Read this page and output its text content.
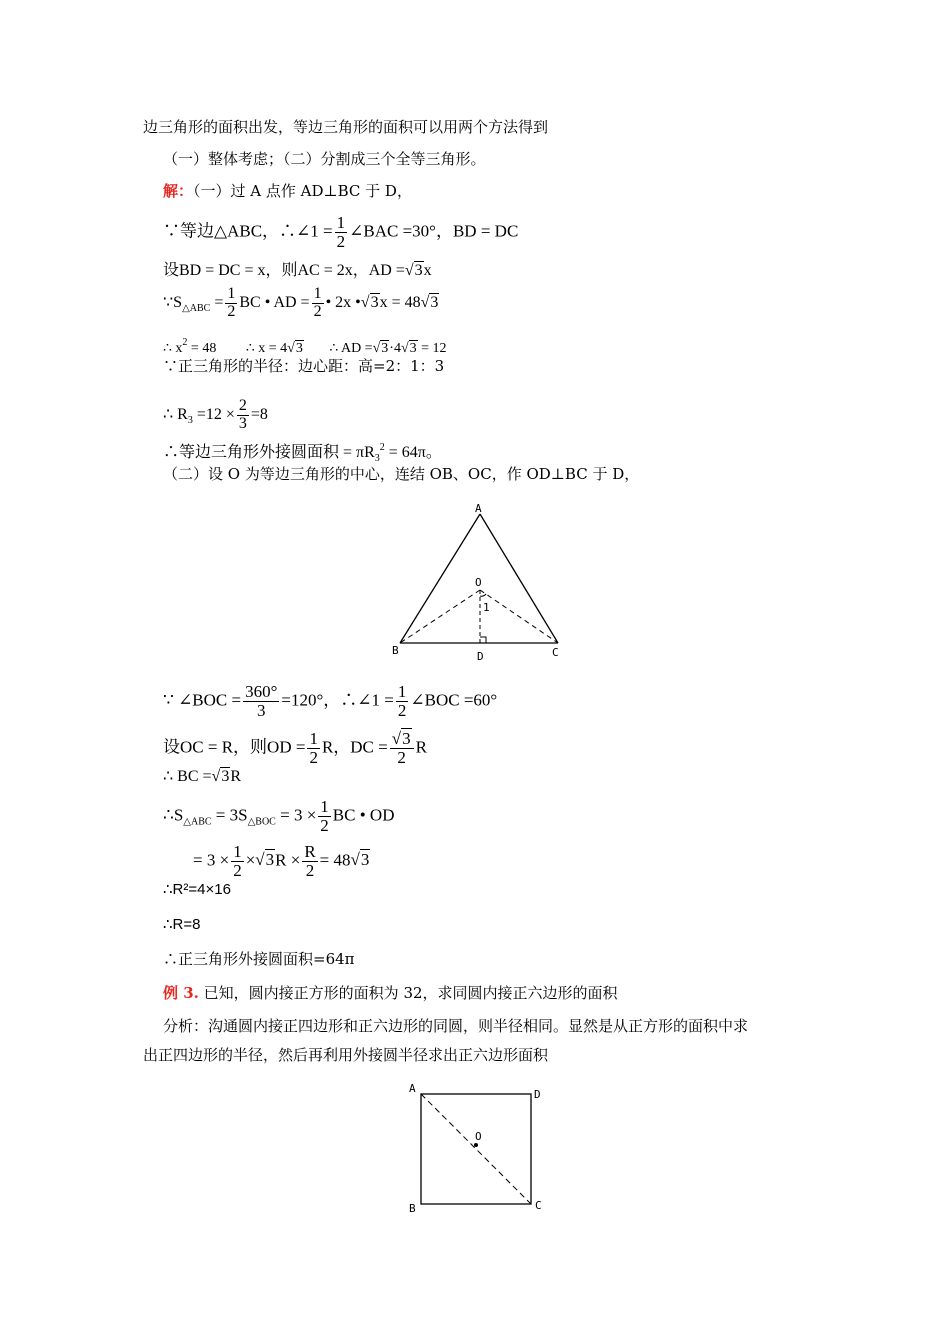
边三角形的面积出发，等边三角形的面积可以用两个方法得到
（一）整体考虑；（二）分割成三个全等三角形。
解：（一）过 A 点作 AD⊥BC 于 D，
∵等边△ABC，∴∠1 = $\frac{1}{2}$ ∠BAC =30°，BD = DC
设BD = DC = x，则AC = 2x，AD =√3x
$\because S_{\triangle ABC} = \frac{1}{2}$ BC • AD = $\frac{1}{2}$ • 2x •√3x = 48√3
∴ $x^2 = 48$ ∴ x = 4√3 ∴ AD =√3·4√3 = 12
∵正三角形的半径：边心距：高=2：1：3
∴ $R_3 =12 \times \frac{2}{3} =8$
∴等边三角形外接圆面积 = $\pi R_3^2 = 64\pi$。
（二）设 O 为等边三角形的中心，连结 OB、OC，作 OD⊥BC 于 D，
A
O
1
B	D	C
∵ ∠BOC = $\frac{360^\circ}{3} =120^\circ$，∴∠1 = $\frac{1}{2}$ ∠BOC =60°
设OC = R，则OD = $\frac{1}{2}$ R，DC = $\frac{√3}{2}$ R
∴ BC =√3R
$\therefore S_{\triangle ABC} = 3S_{\triangle BOC} = 3 \times \frac{1}{2}$ BC • OD
= $3 \times \frac{1}{2} \times√3R \times \frac{R}{2} = 48√3$
∴R²=4×16
∴R=8
∴正三角形外接圆面积=64π
例 3. 已知，圆内接正方形的面积为 32，求同圆内接正六边形的面积
分析：沟通圆内接正四边形和正六边形的同圆，则半径相同。显然是从正方形的面积中求
出正四边形的半径，然后再利用外接圆半径求出正六边形面积
A	D
O
B	C
